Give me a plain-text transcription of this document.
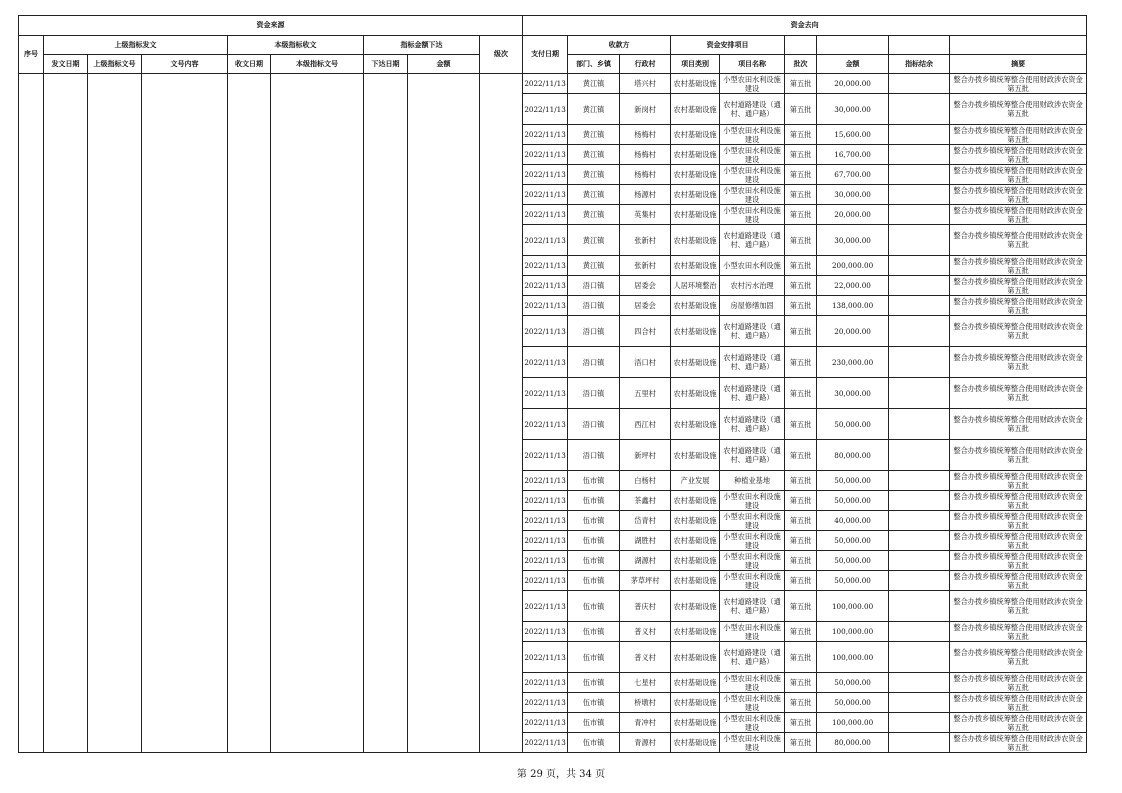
资金来源									资金去向								
序号	上级指标发文			本级指标收文		指标金额下达		级次	支付日期	收款方		资金安排项目					
	发文日期	上级指标文号	文号内容	收文日期	本级指标文号	下达日期	金额			部门、乡镇	行政村	项目类别	项目名称	批次	金额	指标结余	摘要
									2022/11/13	黄江镇	塔兴村	农村基础设施	小型农田水利设施建设	第五批	20,000.00		整合办拨乡镇统筹整合使用财政涉农资金第五批
									2022/11/13	黄江镇	新岗村	农村基础设施	农村道路建设（通村、通户路）	第五批	30,000.00		整合办拨乡镇统筹整合使用财政涉农资金第五批
									2022/11/13	黄江镇	杨梅村	农村基础设施	小型农田水利设施建设	第五批	15,600.00		整合办拨乡镇统筹整合使用财政涉农资金第五批
									2022/11/13	黄江镇	杨梅村	农村基础设施	小型农田水利设施建设	第五批	16,700.00		整合办拨乡镇统筹整合使用财政涉农资金第五批
									2022/11/13	黄江镇	杨梅村	农村基础设施	小型农田水利设施建设	第五批	67,700.00		整合办拨乡镇统筹整合使用财政涉农资金第五批
									2022/11/13	黄江镇	杨源村	农村基础设施	小型农田水利设施建设	第五批	30,000.00		整合办拨乡镇统筹整合使用财政涉农资金第五批
									2022/11/13	黄江镇	英集村	农村基础设施	小型农田水利设施建设	第五批	20,000.00		整合办拨乡镇统筹整合使用财政涉农资金第五批
									2022/11/13	黄江镇	张新村	农村基础设施	农村道路建设（通村、通户路）	第五批	30,000.00		整合办拨乡镇统筹整合使用财政涉农资金第五批
									2022/11/13	黄江镇	张新村	农村基础设施	小型农田水利设施	第五批	200,000.00		整合办拨乡镇统筹整合使用财政涉农资金第五批
									2022/11/13	浯口镇	居委会	人居环境整治	农村污水治理	第五批	22,000.00		整合办拨乡镇统筹整合使用财政涉农资金第五批
									2022/11/13	浯口镇	居委会	农村基础设施	房屋修缮加固	第五批	138,000.00		整合办拨乡镇统筹整合使用财政涉农资金第五批
									2022/11/13	浯口镇	四合村	农村基础设施	农村道路建设（通村、通户路）	第五批	20,000.00		整合办拨乡镇统筹整合使用财政涉农资金第五批
									2022/11/13	浯口镇	浯口村	农村基础设施	农村道路建设（通村、通户路）	第五批	230,000.00		整合办拨乡镇统筹整合使用财政涉农资金第五批
									2022/11/13	浯口镇	五里村	农村基础设施	农村道路建设（通村、通户路）	第五批	30,000.00		整合办拨乡镇统筹整合使用财政涉农资金第五批
									2022/11/13	浯口镇	西江村	农村基础设施	农村道路建设（通村、通户路）	第五批	50,000.00		整合办拨乡镇统筹整合使用财政涉农资金第五批
									2022/11/13	浯口镇	新坪村	农村基础设施	农村道路建设（通村、通户路）	第五批	80,000.00		整合办拨乡镇统筹整合使用财政涉农资金第五批
									2022/11/13	伍市镇	白杨村	产业发展	种植业基地	第五批	50,000.00		整合办拨乡镇统筹整合使用财政涉农资金第五批
									2022/11/13	伍市镇	茶鑫村	农村基础设施	小型农田水利设施建设	第五批	50,000.00		整合办拨乡镇统筹整合使用财政涉农资金第五批
									2022/11/13	伍市镇	岱青村	农村基础设施	小型农田水利设施建设	第五批	40,000.00		整合办拨乡镇统筹整合使用财政涉农资金第五批
									2022/11/13	伍市镇	湖胜村	农村基础设施	小型农田水利设施建设	第五批	50,000.00		整合办拨乡镇统筹整合使用财政涉农资金第五批
									2022/11/13	伍市镇	湖源村	农村基础设施	小型农田水利设施建设	第五批	50,000.00		整合办拨乡镇统筹整合使用财政涉农资金第五批
									2022/11/13	伍市镇	茅草坪村	农村基础设施	小型农田水利设施建设	第五批	50,000.00		整合办拨乡镇统筹整合使用财政涉农资金第五批
									2022/11/13	伍市镇	普庆村	农村基础设施	农村道路建设（通村、通户路）	第五批	100,000.00		整合办拨乡镇统筹整合使用财政涉农资金第五批
									2022/11/13	伍市镇	普义村	农村基础设施	小型农田水利设施建设	第五批	100,000.00		整合办拨乡镇统筹整合使用财政涉农资金第五批
									2022/11/13	伍市镇	普义村	农村基础设施	农村道路建设（通村、通户路）	第五批	100,000.00		整合办拨乡镇统筹整合使用财政涉农资金第五批
									2022/11/13	伍市镇	七星村	农村基础设施	小型农田水利设施建设	第五批	50,000.00		整合办拨乡镇统筹整合使用财政涉农资金第五批
									2022/11/13	伍市镇	桥墩村	农村基础设施	小型农田水利设施建设	第五批	50,000.00		整合办拨乡镇统筹整合使用财政涉农资金第五批
									2022/11/13	伍市镇	青冲村	农村基础设施	小型农田水利设施建设	第五批	100,000.00		整合办拨乡镇统筹整合使用财政涉农资金第五批
									2022/11/13	伍市镇	青源村	农村基础设施	小型农田水利设施建设	第五批	80,000.00		整合办拨乡镇统筹整合使用财政涉农资金第五批
第 29 页，共 34 页
